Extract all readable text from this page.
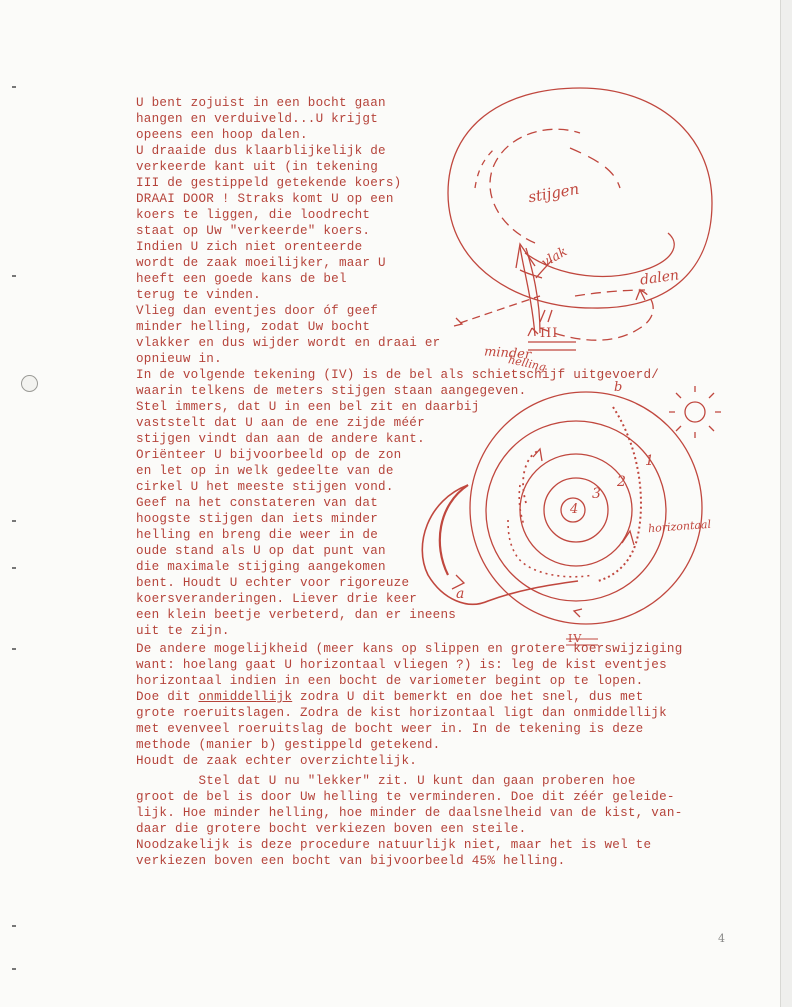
stijgen
vlak
dalen
minder
helling
III
4
3
2
1
horizontaal
a
b
IV

U bent zojuist in een bocht gaan

hangen en verduiveld...U krijgt

opeens een hoop dalen.

U draaide dus klaarblijkelijk de

verkeerde kant uit (in tekening

III de gestippeld getekende koers)

DRAAI DOOR ! Straks komt U op een

koers te liggen, die loodrecht

staat op Uw "verkeerde" koers.

Indien U zich niet orenteerde

wordt de zaak moeilijker, maar U

heeft een goede kans de bel

terug te vinden.

Vlieg dan eventjes door óf geef

minder helling, zodat Uw bocht

vlakker en dus wijder wordt en draai er

opnieuw in.

In de volgende tekening (IV) is de bel als schietschijf uitgevoerd/

waarin telkens de meters stijgen staan aangegeven.

Stel immers, dat U in een bel zit en daarbij

vaststelt dat U aan de ene zijde méér

stijgen vindt dan aan de andere kant.

Oriënteer U bijvoorbeeld op de zon

en let op in welk gedeelte van de

cirkel U het meeste stijgen vond.

Geef na het constateren van dat

hoogste stijgen dan iets minder

helling en breng die weer in de

oude stand als U op dat punt van

die maximale stijging aangekomen

bent. Houdt U echter voor rigoreuze

koersveranderingen. Liever drie keer

een klein beetje verbeterd, dan er ineens

uit te zijn.

De andere mogelijkheid (meer kans op slippen en grotere koerswijziging

want: hoelang gaat U horizontaal vliegen ?) is: leg de kist eventjes

horizontaal indien in een bocht de variometer begint op te lopen.

Doe dit onmiddellijk zodra U dit bemerkt en doe het snel, dus met

grote roeruitslagen. Zodra de kist horizontaal ligt dan onmiddellijk

met evenveel roeruitslag de bocht weer in. In de tekening is deze

methode (manier b) gestippeld getekend.

Houdt de zaak echter overzichtelijk.

Stel dat U nu "lekker" zit. U kunt dan gaan proberen hoe

groot de bel is door Uw helling te verminderen. Doe dit zéér geleide-

lijk. Hoe minder helling, hoe minder de daalsnelheid van de kist, van-

daar die grotere bocht verkiezen boven een steile.

Noodzakelijk is deze procedure natuurlijk niet, maar het is wel te

verkiezen boven een bocht van bijvoorbeeld 45% helling.

4
